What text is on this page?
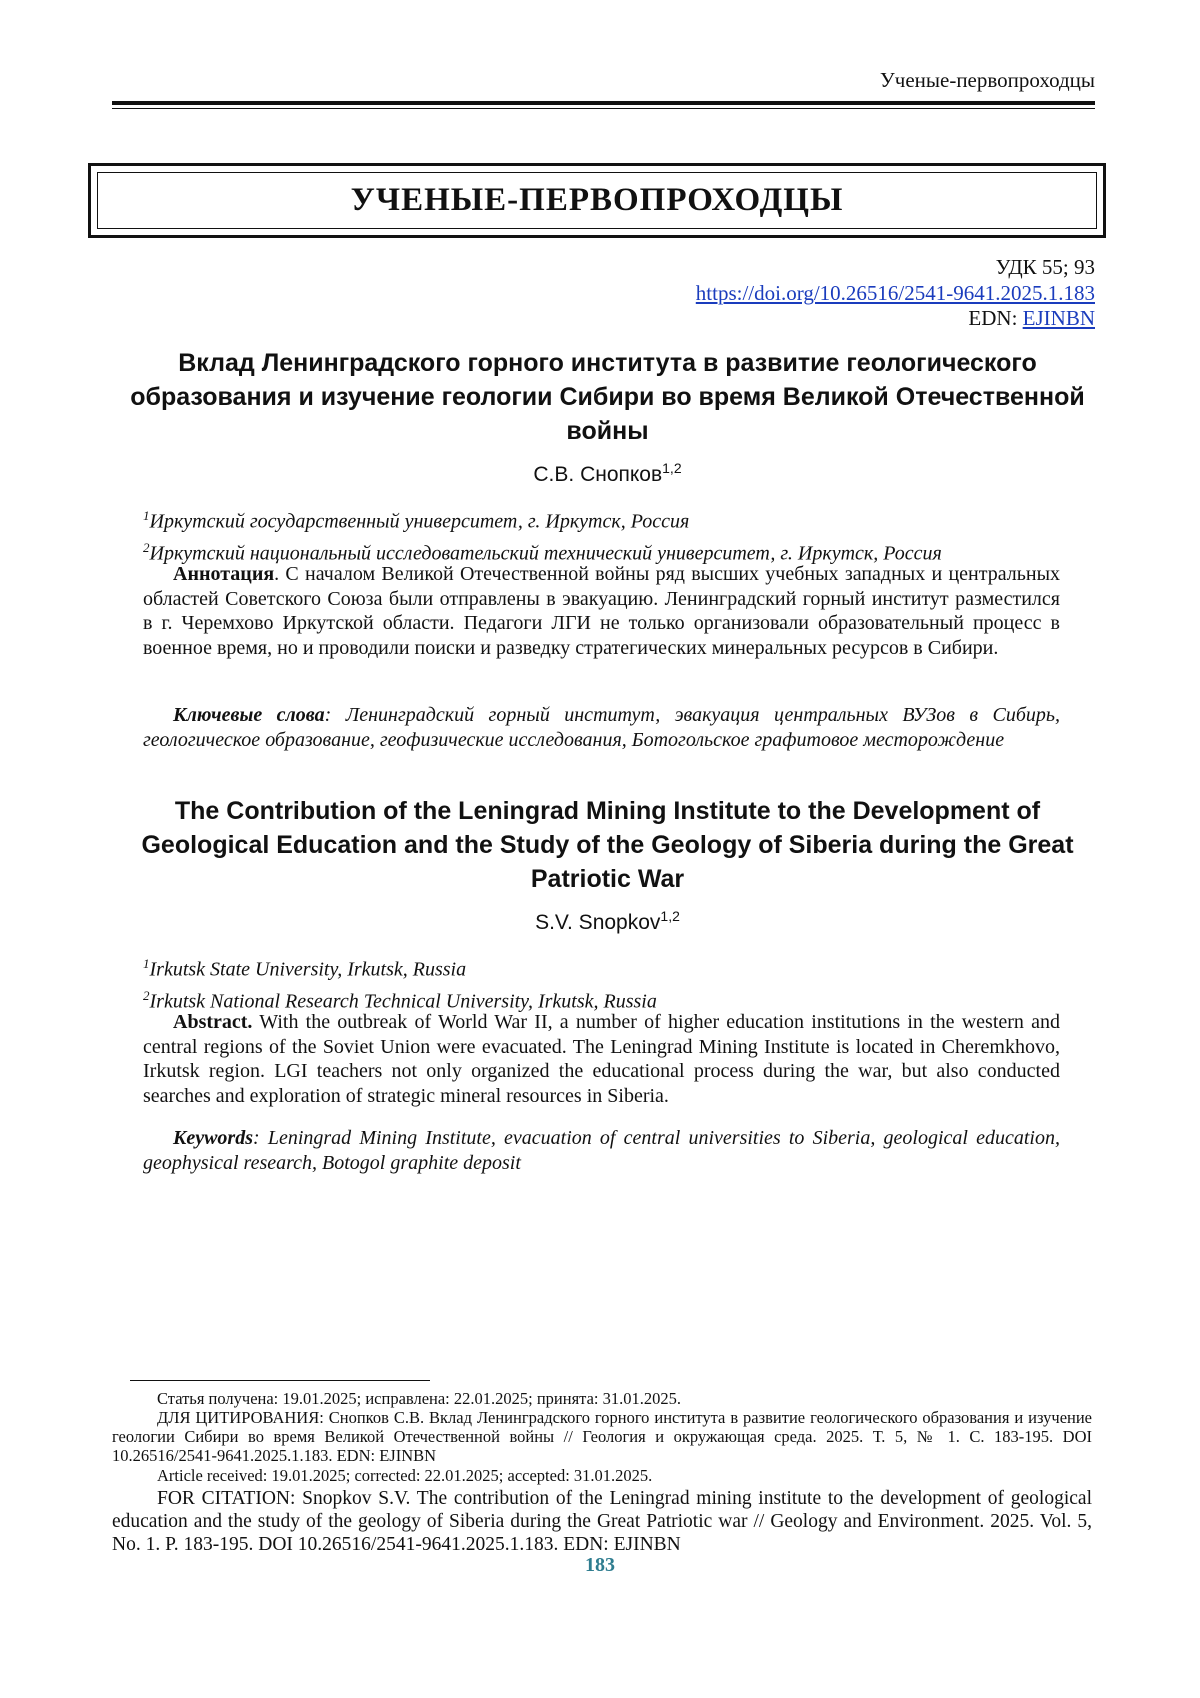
Ученые-первопроходцы
УЧЕНЫЕ-ПЕРВОПРОХОДЦЫ
УДК 55; 93
https://doi.org/10.26516/2541-9641.2025.1.183
EDN: EJINBN
Вклад Ленинградского горного института в развитие геологического образования и изучение геологии Сибири во время Великой Отечественной войны
С.В. Снопков$^{1,2}$
$^1$Иркутский государственный университет, г. Иркутск, Россия
$^2$Иркутский национальный исследовательский технический университет, г. Иркутск, Россия
Аннотация. С началом Великой Отечественной войны ряд высших учебных западных и центральных областей Советского Союза были отправлены в эвакуацию. Ленинградский горный институт разместился в г. Черемхово Иркутской области. Педагоги ЛГИ не только организовали образовательный процесс в военное время, но и проводили поиски и разведку стратегических минеральных ресурсов в Сибири.
Ключевые слова: Ленинградский горный институт, эвакуация центральных ВУЗов в Сибирь, геологическое образование, геофизические исследования, Ботогольское графитовое месторождение
The Contribution of the Leningrad Mining Institute to the Development of Geological Education and the Study of the Geology of Siberia during the Great Patriotic War
S.V. Snopkov$^{1,2}$
$^1$Irkutsk State University, Irkutsk, Russia
$^2$Irkutsk National Research Technical University, Irkutsk, Russia
Abstract. With the outbreak of World War II, a number of higher education institutions in the western and central regions of the Soviet Union were evacuated. The Leningrad Mining Institute is located in Cheremkhovo, Irkutsk region. LGI teachers not only organized the educational process during the war, but also conducted searches and exploration of strategic mineral resources in Siberia.
Keywords: Leningrad Mining Institute, evacuation of central universities to Siberia, geological education, geophysical research, Botogol graphite deposit
Статья получена: 19.01.2025; исправлена: 22.01.2025; принята: 31.01.2025.
ДЛЯ ЦИТИРОВАНИЯ: Снопков С.В. Вклад Ленинградского горного института в развитие геологического образования и изучение геологии Сибири во время Великой Отечественной войны // Геология и окружающая среда. 2025. Т. 5, № 1. С. 183-195. DOI 10.26516/2541-9641.2025.1.183. EDN: EJINBN
Article received: 19.01.2025; corrected: 22.01.2025; accepted: 31.01.2025.
FOR CITATION: Snopkov S.V. The contribution of the Leningrad mining institute to the development of geological education and the study of the geology of Siberia during the Great Patriotic war // Geology and Environment. 2025. Vol. 5, No. 1. P. 183-195. DOI 10.26516/2541-9641.2025.1.183. EDN: EJINBN
183
